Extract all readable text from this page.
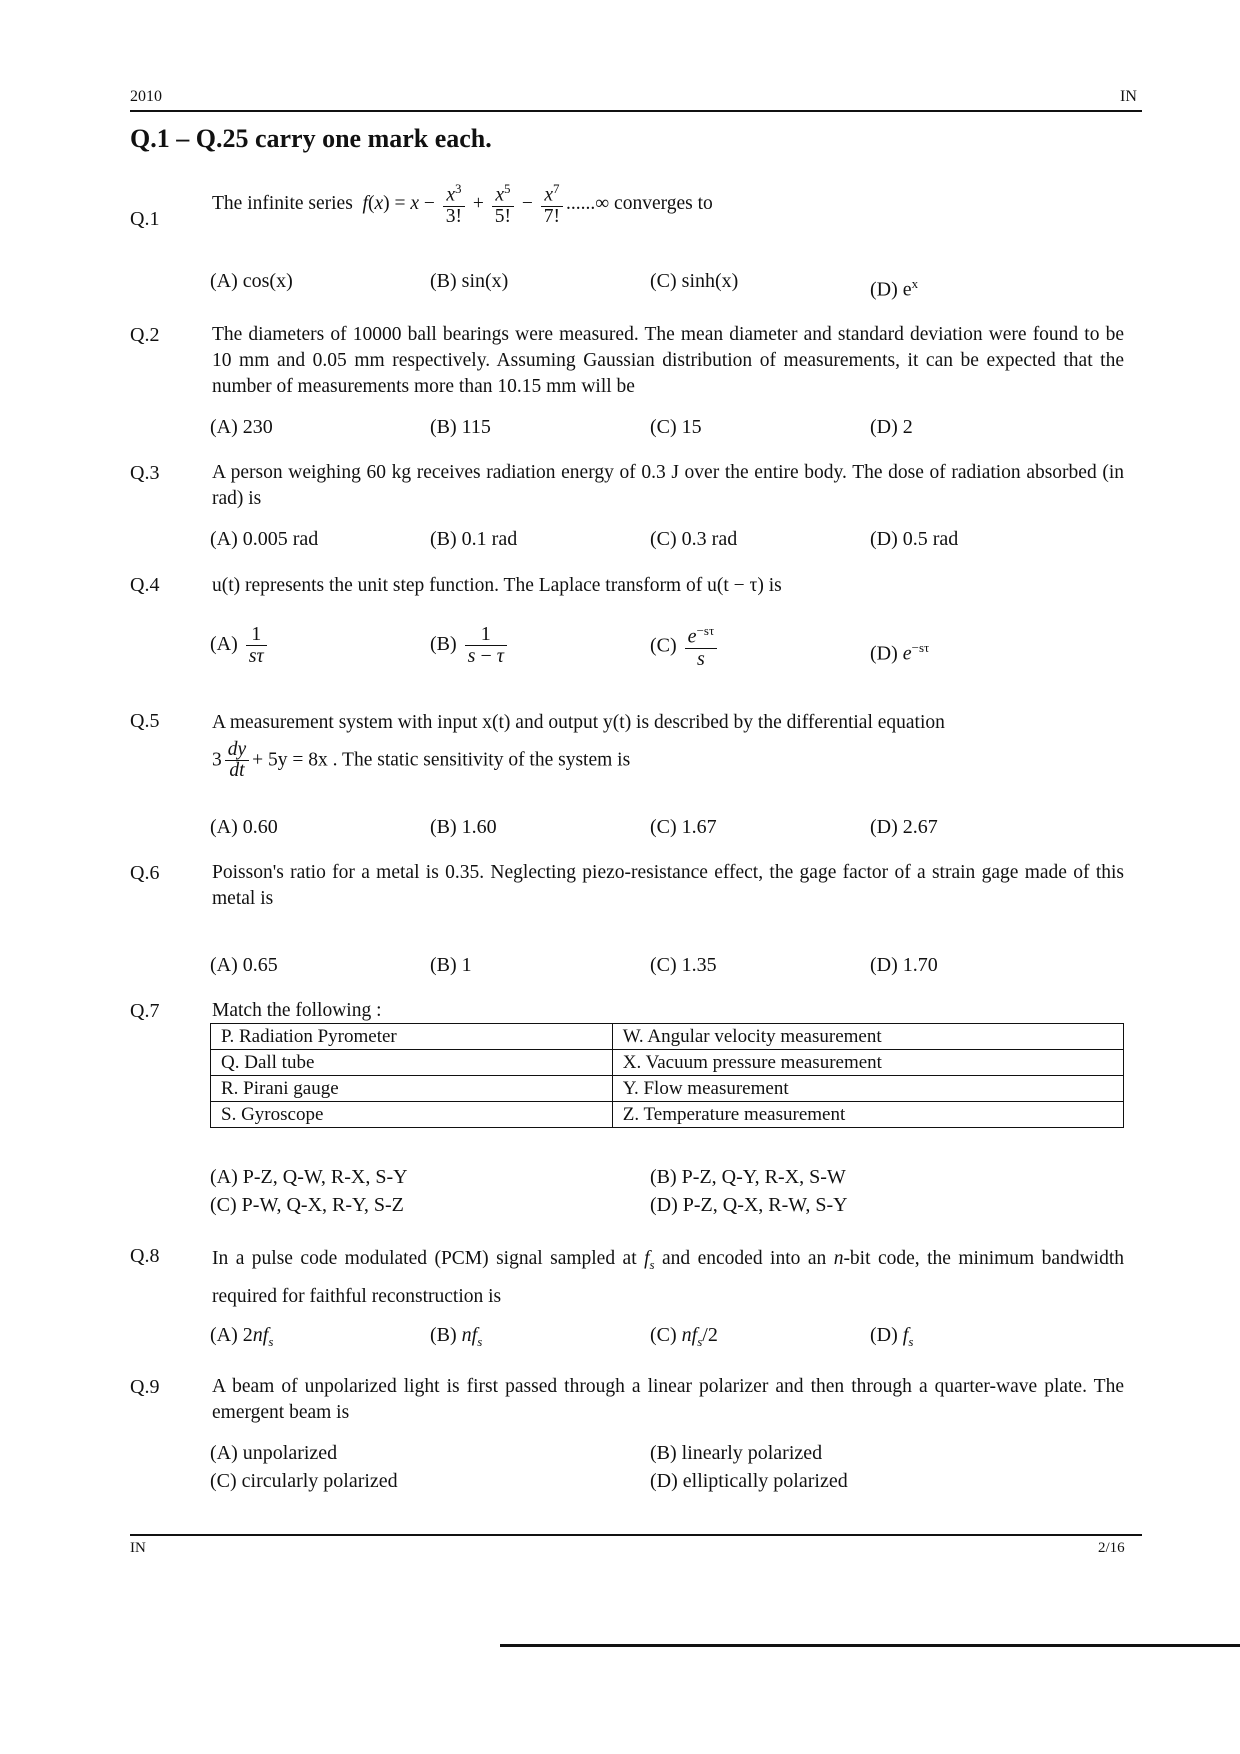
2010	IN
Q.1 – Q.25 carry one mark each.
Q.1
The infinite series $f(x) = x - \frac{x^3}{3!} + \frac{x^5}{5!} - \frac{x^7}{7!}$ ......∞ converges to
(A) cos(x)	(B) sin(x)	(C) sinh(x)	(D) $e^x$
Q.2	The diameters of 10000 ball bearings were measured. The mean diameter and standard deviation were found to be 10 mm and 0.05 mm respectively. Assuming Gaussian distribution of measurements, it can be expected that the number of measurements more than 10.15 mm will be
(A) 230	(B) 115	(C) 15	(D) 2
Q.3	A person weighing 60 kg receives radiation energy of 0.3 J over the entire body. The dose of radiation absorbed (in rad) is
(A) 0.005 rad	(B) 0.1 rad	(C) 0.3 rad	(D) 0.5 rad
Q.4	u(t) represents the unit step function. The Laplace transform of u(t − τ) is
$(A) \frac{1}{s\tau}$	$(B) \frac{1}{s - \tau}$	$(C) \frac{e^{-s\tau}}{s}$	(D) $e^{-s\tau}$
Q.5	A measurement system with input x(t) and output y(t) is described by the differential equation
$3 \frac{dy}{dt} + 5y = 8x$ . The static sensitivity of the system is
(A) 0.60	(B) 1.60	(C) 1.67	(D) 2.67
Q.6	Poisson's ratio for a metal is 0.35. Neglecting piezo-resistance effect, the gage factor of a strain gage made of this metal is
(A) 0.65	(B) 1	(C) 1.35	(D) 1.70
Q.7	Match the following :
P. Radiation Pyrometer	W. Angular velocity measurement
Q. Dall tube	X. Vacuum pressure measurement
R. Pirani gauge	Y. Flow measurement
S. Gyroscope	Z. Temperature measurement
(A) P-Z, Q-W, R-X, S-Y	(B) P-Z, Q-Y, R-X, S-W
(C) P-W, Q-X, R-Y, S-Z	(D) P-Z, Q-X, R-W, S-Y
Q.8	In a pulse code modulated (PCM) signal sampled at $f_s$ and encoded into an n-bit code, the minimum bandwidth required for faithful reconstruction is
(A) $2nf_s$	(B) $nf_s$	(C) $nf_s/2$	(D) $f_s$
Q.9	A beam of unpolarized light is first passed through a linear polarizer and then through a quarter-wave plate. The emergent beam is
(A) unpolarized	(B) linearly polarized
(C) circularly polarized	(D) elliptically polarized
IN	2/16
